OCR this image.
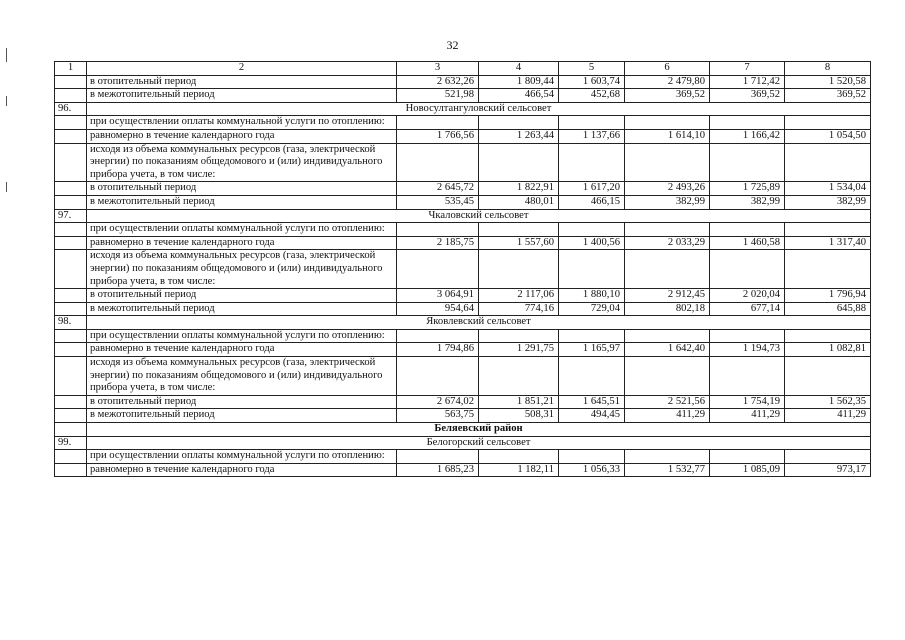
32
1	2	3	4	5	6	7	8
	в отопительный период	2 632,26	1 809,44	1 603,74	2 479,80	1 712,42	1 520,58
	в межотопительный период	521,98	466,54	452,68	369,52	369,52	369,52
96.	Новосултангуловский сельсовет						
	при осуществлении оплаты коммунальной услуги по отоплению:						
	равномерно в течение календарного года	1 766,56	1 263,44	1 137,66	1 614,10	1 166,42	1 054,50
	исходя из объема коммунальных ресурсов (газа, электрической энергии) по показаниям общедомового и (или) индивидуального прибора учета, в том числе:						
	в отопительный период	2 645,72	1 822,91	1 617,20	2 493,26	1 725,89	1 534,04
	в межотопительный период	535,45	480,01	466,15	382,99	382,99	382,99
97.	Чкаловский сельсовет						
	при осуществлении оплаты коммунальной услуги по отоплению:						
	равномерно в течение календарного года	2 185,75	1 557,60	1 400,56	2 033,29	1 460,58	1 317,40
	исходя из объема коммунальных ресурсов (газа, электрической энергии) по показаниям общедомового и (или) индивидуального прибора учета, в том числе:						
	в отопительный период	3 064,91	2 117,06	1 880,10	2 912,45	2 020,04	1 796,94
	в межотопительный период	954,64	774,16	729,04	802,18	677,14	645,88
98.	Яковлевский сельсовет						
	при осуществлении оплаты коммунальной услуги по отоплению:						
	равномерно в течение календарного года	1 794,86	1 291,75	1 165,97	1 642,40	1 194,73	1 082,81
	исходя из объема коммунальных ресурсов (газа, электрической энергии) по показаниям общедомового и (или) индивидуального прибора учета, в том числе:						
	в отопительный период	2 674,02	1 851,21	1 645,51	2 521,56	1 754,19	1 562,35
	в межотопительный период	563,75	508,31	494,45	411,29	411,29	411,29
	Беляевский район						
99.	Белогорский сельсовет						
	при осуществлении оплаты коммунальной услуги по отоплению:						
	равномерно в течение календарного года	1 685,23	1 182,11	1 056,33	1 532,77	1 085,09	973,17
